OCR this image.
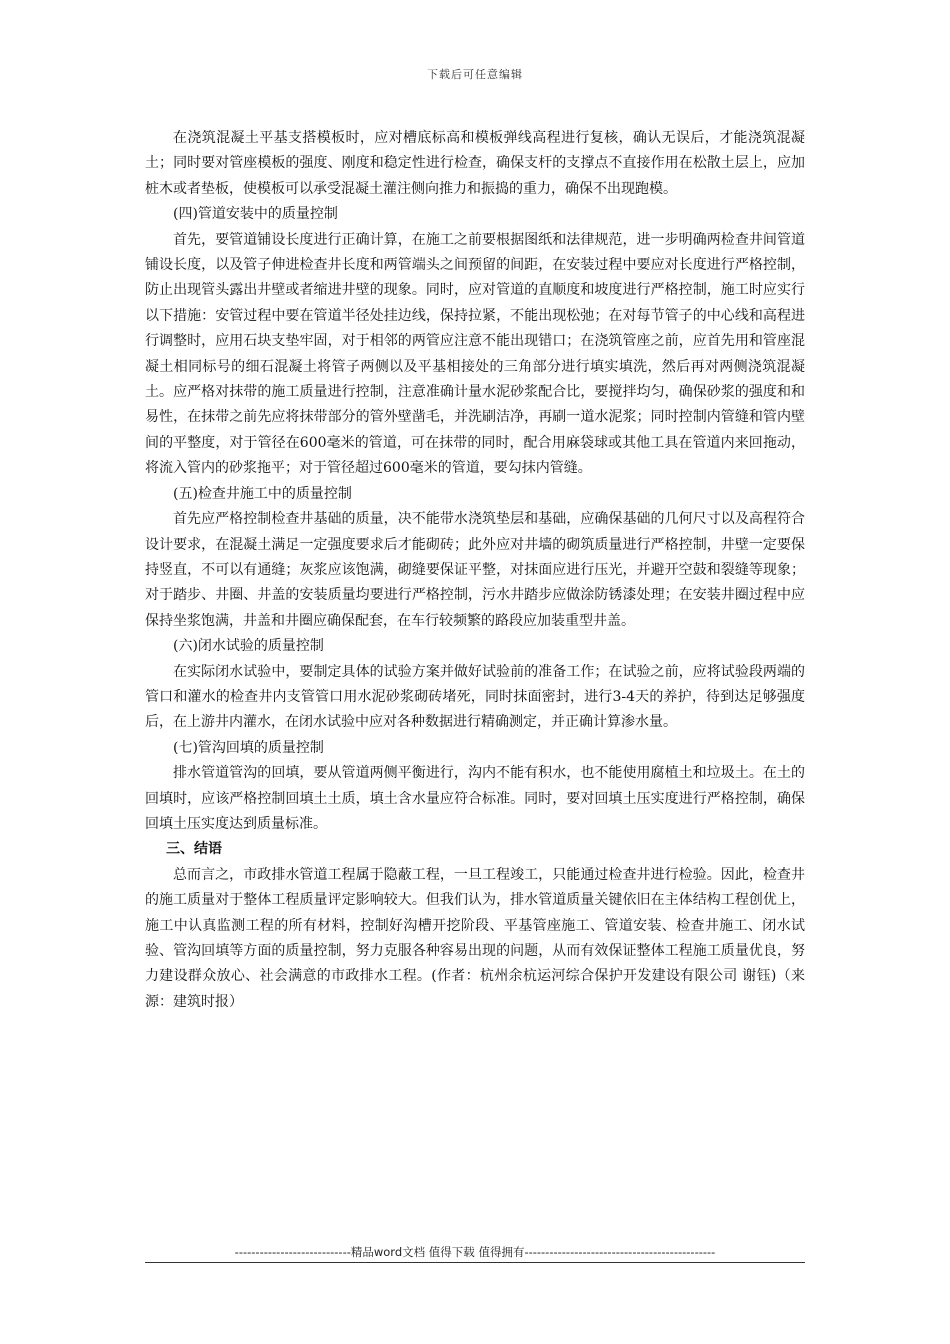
下载后可任意编辑

在浇筑混凝土平基支搭模板时，应对槽底标高和模板弹线高程进行复核，确认无误后，才能浇筑混凝土；同时要对管座模板的强度、刚度和稳定性进行检查，确保支杆的支撑点不直接作用在松散土层上，应加桩木或者垫板，使模板可以承受混凝土灌注侧向推力和振捣的重力，确保不出现跑模。

(四)管道安装中的质量控制

首先，要管道铺设长度进行正确计算，在施工之前要根据图纸和法律规范，进一步明确两检查井间管道铺设长度，以及管子伸进检查井长度和两管端头之间预留的间距，在安装过程中要应对长度进行严格控制，防止出现管头露出井壁或者缩进井壁的现象。同时，应对管道的直顺度和坡度进行严格控制，施工时应实行以下措施：安管过程中要在管道半径处挂边线，保持拉紧，不能出现松弛；在对每节管子的中心线和高程进行调整时，应用石块支垫牢固，对于相邻的两管应注意不能出现错口；在浇筑管座之前，应首先用和管座混凝土相同标号的细石混凝土将管子两侧以及平基相接处的三角部分进行填实填洗，然后再对两侧浇筑混凝土。应严格对抹带的施工质量进行控制，注意准确计量水泥砂浆配合比，要搅拌均匀，确保砂浆的强度和和易性，在抹带之前先应将抹带部分的管外壁凿毛，并洗刷洁净，再刷一道水泥浆；同时控制内管缝和管内壁间的平整度，对于管径在600毫米的管道，可在抹带的同时，配合用麻袋球或其他工具在管道内来回拖动，将流入管内的砂浆拖平；对于管径超过600毫米的管道，要勾抹内管缝。

(五)检查井施工中的质量控制

首先应严格控制检查井基础的质量，决不能带水浇筑垫层和基础，应确保基础的几何尺寸以及高程符合设计要求，在混凝土满足一定强度要求后才能砌砖；此外应对井墙的砌筑质量进行严格控制，井壁一定要保持竖直，不可以有通缝；灰浆应该饱满，砌缝要保证平整，对抹面应进行压光，并避开空鼓和裂缝等现象；对于踏步、井圈、井盖的安装质量均要进行严格控制，污水井踏步应做涂防锈漆处理；在安装井圈过程中应保持坐浆饱满，井盖和井圈应确保配套，在车行较频繁的路段应加装重型井盖。

(六)闭水试验的质量控制

在实际闭水试验中，要制定具体的试验方案并做好试验前的准备工作；在试验之前，应将试验段两端的管口和灌水的检查井内支管管口用水泥砂浆砌砖堵死，同时抹面密封，进行3-4天的养护，待到达足够强度后，在上游井内灌水，在闭水试验中应对各种数据进行精确测定，并正确计算渗水量。

(七)管沟回填的质量控制

排水管道管沟的回填，要从管道两侧平衡进行，沟内不能有积水，也不能使用腐植土和垃圾土。在土的回填时，应该严格控制回填土土质，填土含水量应符合标准。同时，要对回填土压实度进行严格控制，确保回填土压实度达到质量标准。

三、结语

总而言之，市政排水管道工程属于隐蔽工程，一旦工程竣工，只能通过检查井进行检验。因此，检查井的施工质量对于整体工程质量评定影响较大。但我们认为，排水管道质量关键依旧在主体结构工程创优上，施工中认真监测工程的所有材料，控制好沟槽开挖阶段、平基管座施工、管道安装、检查井施工、闭水试验、管沟回填等方面的质量控制，努力克服各种容易出现的问题，从而有效保证整体工程施工质量优良，努力建设群众放心、社会满意的市政排水工程。(作者：杭州余杭运河综合保护开发建设有限公司 谢钰)（来源：建筑时报）

----------------------------精品word文档 值得下载 值得拥有----------------------------------------------
